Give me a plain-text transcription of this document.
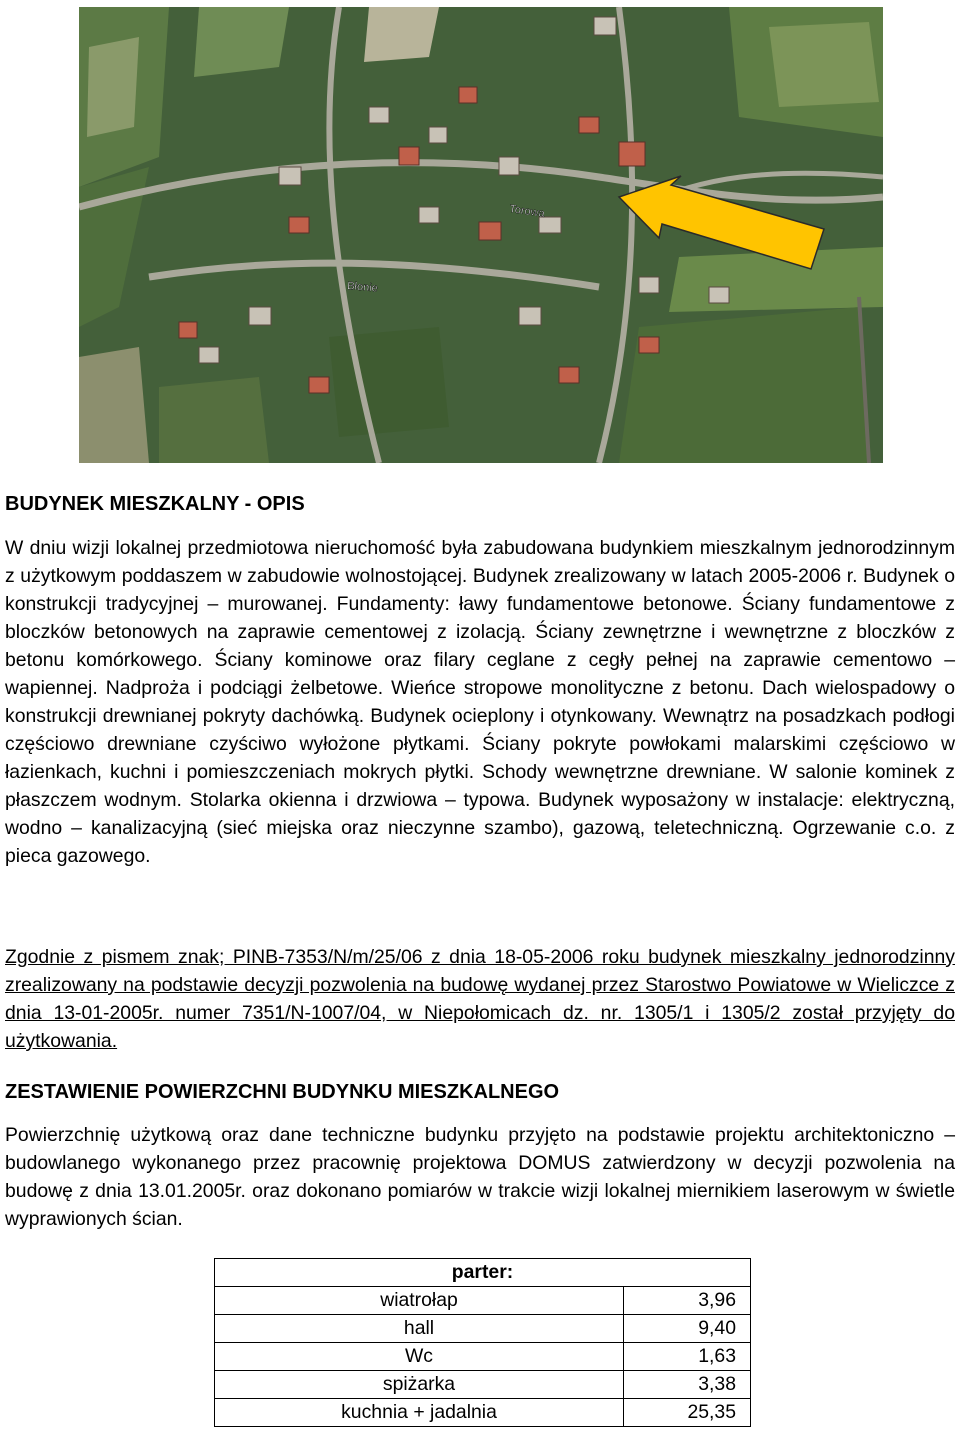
Torowa
Błonie
BUDYNEK MIESZKALNY - OPIS

W dniu wizji lokalnej przedmiotowa nieruchomość była zabudowana budynkiem mieszkalnym jednorodzinnym z użytkowym poddaszem w zabudowie wolnostojącej. Budynek zrealizowany w latach 2005-2006 r. Budynek o konstrukcji tradycyjnej – murowanej. Fundamenty: ławy fundamentowe betonowe. Ściany fundamentowe z bloczków betonowych na zaprawie cementowej z izolacją. Ściany zewnętrzne i wewnętrzne z bloczków z betonu komórkowego. Ściany kominowe oraz filary ceglane z cegły pełnej na zaprawie cementowo – wapiennej. Nadproża i podciągi żelbetowe. Wieńce stropowe monolityczne z betonu. Dach wielospadowy o konstrukcji drewnianej pokryty dachówką. Budynek ocieplony i otynkowany. Wewnątrz na posadzkach podłogi częściowo drewniane czyściwo wyłożone płytkami. Ściany pokryte powłokami malarskimi częściowo w łazienkach, kuchni i pomieszczeniach mokrych płytki. Schody wewnętrzne drewniane. W salonie kominek z płaszczem wodnym. Stolarka okienna i drzwiowa – typowa. Budynek wyposażony w instalacje: elektryczną, wodno – kanalizacyjną (sieć miejska oraz nieczynne szambo), gazową, teletechniczną. Ogrzewanie c.o. z pieca gazowego.

Zgodnie z pismem znak; PINB-7353/N/m/25/06 z dnia 18-05-2006 roku budynek mieszkalny jednorodzinny zrealizowany na podstawie decyzji pozwolenia na budowę wydanej przez Starostwo Powiatowe w Wieliczce z dnia 13-01-2005r. numer 7351/N-1007/04, w Niepołomicach dz. nr. 1305/1 i 1305/2 został przyjęty do użytkowania.

ZESTAWIENIE POWIERZCHNI BUDYNKU MIESZKALNEGO

Powierzchnię użytkową oraz dane techniczne budynku przyjęto na podstawie projektu architektoniczno – budowlanego wykonanego przez pracownię projektowa DOMUS zatwierdzony w decyzji pozwolenia na budowę z dnia 13.01.2005r. oraz dokonano pomiarów w trakcie wizji lokalnej miernikiem laserowym w świetle wyprawionych ścian.

parter:	
wiatrołap	3,96
hall	9,40
Wc	1,63
spiżarka	3,38
kuchnia + jadalnia	25,35
